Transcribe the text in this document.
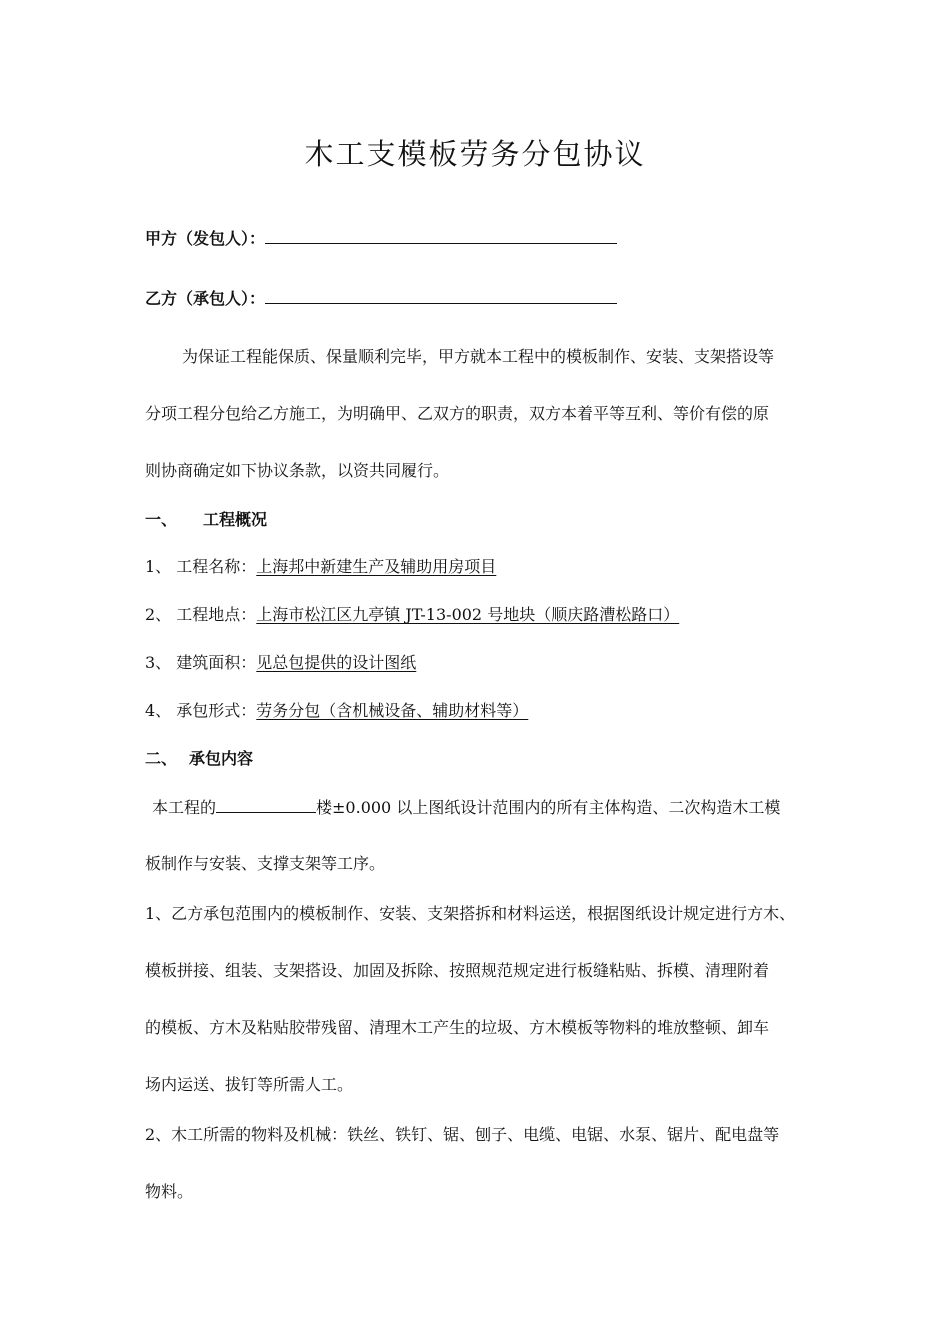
木工支模板劳务分包协议
甲方（发包人）：
乙方（承包人）：
为保证工程能保质、保量顺利完毕，甲方就本工程中的模板制作、安装、支架搭设等
分项工程分包给乙方施工，为明确甲、乙双方的职责，双方本着平等互利、等价有偿的原
则协商确定如下协议条款，以资共同履行。
一、 工程概况
1、 工程名称：上海邦中新建生产及辅助用房项目
2、 工程地点：上海市松江区九亭镇 JT-13-002 号地块（顺庆路漕松路口）
3、 建筑面积：见总包提供的设计图纸
4、 承包形式：劳务分包（含机械设备、辅助材料等）
二、 承包内容
本工程的	楼±0.000 以上图纸设计范围内的所有主体构造、二次构造木工模
板制作与安装、支撑支架等工序。
1、乙方承包范围内的模板制作、安装、支架搭拆和材料运送，根据图纸设计规定进行方木、
模板拼接、组装、支架搭设、加固及拆除、按照规范规定进行板缝粘贴、拆模、清理附着
的模板、方木及粘贴胶带残留、清理木工产生的垃圾、方木模板等物料的堆放整顿、卸车
场内运送、拔钉等所需人工。
2、木工所需的物料及机械：铁丝、铁钉、锯、刨子、电缆、电锯、水泵、锯片、配电盘等
物料。
